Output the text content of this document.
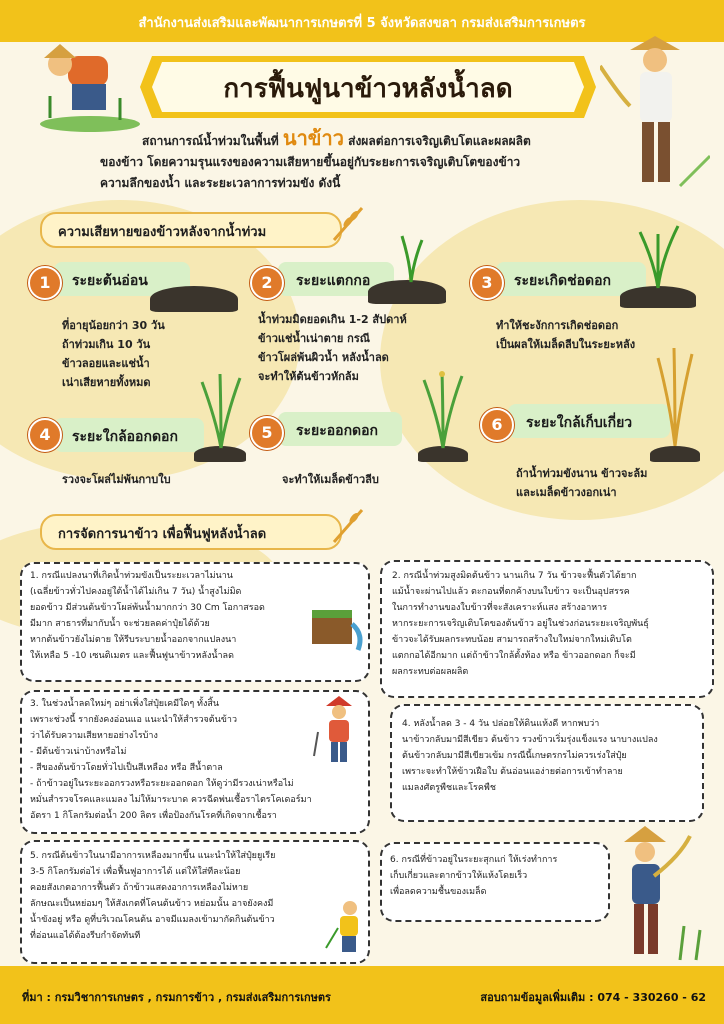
สำนักงานส่งเสริมและพัฒนาการเกษตรที่ 5 จังหวัดสงขลา กรมส่งเสริมการเกษตร
การฟื้นฟูนาข้าวหลังน้ำลด
สถานการณ์น้ำท่วมในพื้นที่ นาข้าว ส่งผลต่อการเจริญเติบโตและผลผลิต
ของข้าว โดยความรุนแรงของความเสียหายขึ้นอยู่กับระยะการเจริญเติบโตของข้าว
ความลึกของน้ำ และระยะเวลาการท่วมขัง ดังนี้
ความเสียหายของข้าวหลังจากน้ำท่วม
ระยะต้นอ่อน
1
ที่อายุน้อยกว่า 30 วัน
ถ้าท่วมเกิน 10 วัน
ข้าวลอยและแช่น้ำ
เน่าเสียหายทั้งหมด
ระยะแตกกอ
2
น้ำท่วมมิดยอดเกิน 1-2 สัปดาห์
ข้าวแช่น้ำเน่าตาย กรณี
ข้าวโผล่พ้นผิวน้ำ หลังน้ำลด
จะทำให้ต้นข้าวหักล้ม
ระยะเกิดช่อดอก
3
ทำให้ชะงักการเกิดช่อดอก
เป็นผลให้เมล็ดลีบในระยะหลัง
ระยะใกล้ออกดอก
4
รวงจะโผล่ไม่พ้นกาบใบ
ระยะออกดอก
5
จะทำให้เมล็ดข้าวลีบ
ระยะใกล้เก็บเกี่ยว
6
ถ้าน้ำท่วมขังนาน ข้าวจะล้ม
และเมล็ดข้าวงอกเน่า
การจัดการนาข้าว เพื่อฟื้นฟูหลังน้ำลด

1. กรณีแปลงนาที่เกิดน้ำท่วมขังเป็นระยะเวลาไม่นาน
(เฉลี่ยข้าวทั่วไปคงอยู่ใต้น้ำได้ไม่เกิน 7 วัน) น้ำสูงไม่มิด
ยอดข้าว มีส่วนต้นข้าวโผล่พ้นน้ำมากกว่า 30 Cm โอกาสรอด
มีมาก สาธารที่มากับน้ำ จะช่วยลดค่าปุ๋ยได้ด้วย
หากต้นข้าวยังไม่ตาย ให้รีบระบายน้ำออกจากแปลงนา
ให้เหลือ 5 -10 เซนติเมตร และฟื้นฟูนาข้าวหลังน้ำลด

2. กรณีน้ำท่วมสูงมิดต้นข้าว นานเกิน 7 วัน ข้าวจะฟื้นตัวได้ยาก
แม้น้ำจะผ่านไปแล้ว ตะกอนที่ตกค้างบนใบข้าว จะเป็นอุปสรรค
ในการทำงานของใบข้าวที่จะสังเคราะห์แสง สร้างอาหาร
หากระยะการเจริญเติบโตของต้นข้าว อยู่ในช่วงก่อนระยะเจริญพันธุ์
ข้าวจะได้รับผลกระทบน้อย สามารถสร้างใบใหม่จากใหม่เติบโต
แตกกอได้อีกมาก แต่ถ้าข้าวใกล้ตั้งท้อง หรือ ข้าวออกดอก ก็จะมี
ผลกระทบต่อผลผลิต

3. ในช่วงน้ำลดใหม่ๆ อย่าเพิ่งใส่ปุ๋ยเคมีใดๆ ทั้งสิ้น
เพราะช่วงนี้ รากยังคงอ่อนแอ แนะนำให้สำรวจต้นข้าว
ว่าได้รับความเสียหายอย่างไรบ้าง
- มีต้นข้าวเน่าบ้างหรือไม่
- สีของต้นข้าวโดยทั่วไปเป็นสีเหลือง หรือ สีน้ำตาล
- ถ้าข้าวอยู่ในระยะออกรวงหรือระยะออกดอก ให้ดูว่ามีรวงเน่าหรือไม่
หมั่นสำรวจโรคและแมลง ไม่ให้มาระบาด ควรฉีดพ่นเชื้อราไตรโคเดอร์มา
อัตรา 1 กิโลกรัมต่อน้ำ 200 ลิตร เพื่อป้องกันโรคที่เกิดจากเชื้อรา

4. หลังน้ำลด 3 - 4 วัน ปล่อยให้ดินแห้งดี หากพบว่า
นาข้าวกลับมามีสีเขียว ต้นข้าว รวงข้าวเริ่มรุ่งแข็งแรง นาบางแปลง
ต้นข้าวกลับมามีสีเขียวเข้ม กรณีนี้เกษตรกรไม่ควรเร่งใส่ปุ๋ย
เพราะจะทำให้ข้าวเฝือใบ ต้นอ่อนแอง่ายต่อการเข้าทำลาย
แมลงศัตรูพืชและโรคพืช

5. กรณีต้นข้าวในนามีอาการเหลืองมากขึ้น แนะนำให้ใส่ปุ๋ยยูเรีย
3-5 กิโลกรัมต่อไร่ เพื่อฟื้นฟูอาการได้ แต่ให้ใส่ทีละน้อย
คอยสังเกตอาการฟื้นตัว ถ้าข้าวแสดงอาการเหลืองไม่หาย
ลักษณะเป็นหย่อมๆ ให้สังเกตที่โคนต้นข้าว หย่อมนั้น อาจยังคงมี
น้ำขังอยู่ หรือ ดูที่บริเวณโคนต้น อาจมีแมลงเข้ามากัดกินต้นข้าว
ที่อ่อนแอได้ต้องรีบกำจัดทันที

6. กรณีที่ข้าวอยู่ในระยะสุกแก่ ให้เร่งทำการ
เก็บเกี่ยวและตากข้าวให้แห้งโดยเร็ว
เพื่อลดความชื้นของเมล็ด

ที่มา : กรมวิชาการเกษตร , กรมการข้าว , กรมส่งเสริมการเกษตร	สอบถามข้อมูลเพิ่มเติม : 074 - 330260 - 62
